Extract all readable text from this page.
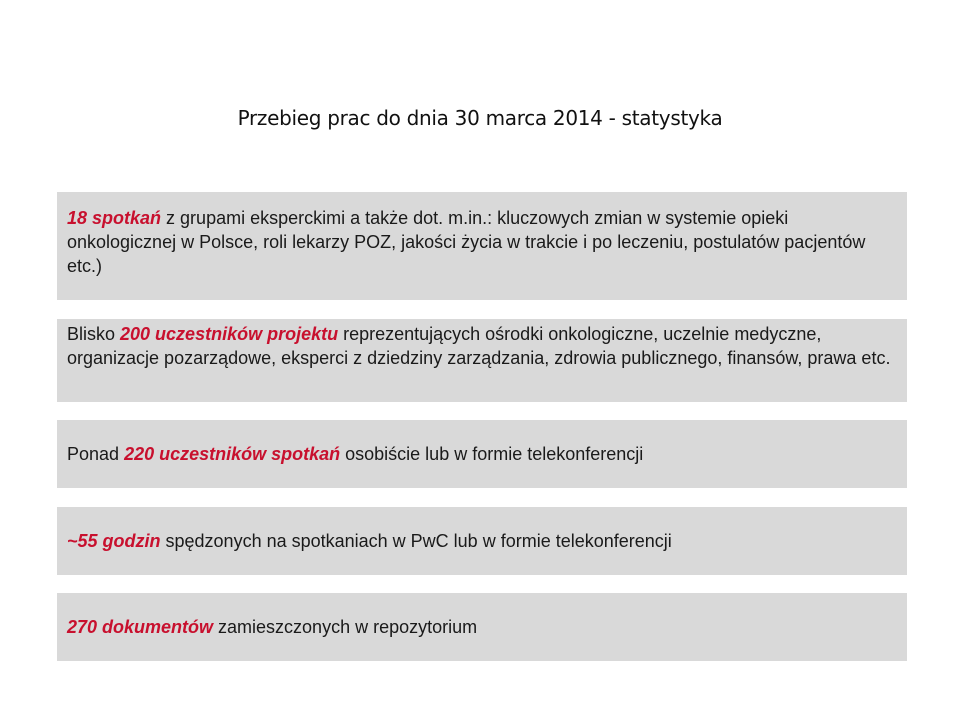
Przebieg prac do dnia 30 marca 2014 - statystyka
18 spotkań z grupami eksperckimi a także dot. m.in.: kluczowych zmian w systemie opieki onkologicznej w Polsce, roli lekarzy POZ, jakości życia w trakcie i po leczeniu, postulatów pacjentów etc.)
Blisko 200 uczestników projektu reprezentujących ośrodki onkologiczne, uczelnie medyczne, organizacje pozarządowe, eksperci z dziedziny zarządzania, zdrowia publicznego, finansów, prawa etc.
Ponad 220 uczestników spotkań osobiście lub w formie telekonferencji
~55 godzin spędzonych na spotkaniach w PwC lub w formie telekonferencji
270 dokumentów zamieszczonych w repozytorium
